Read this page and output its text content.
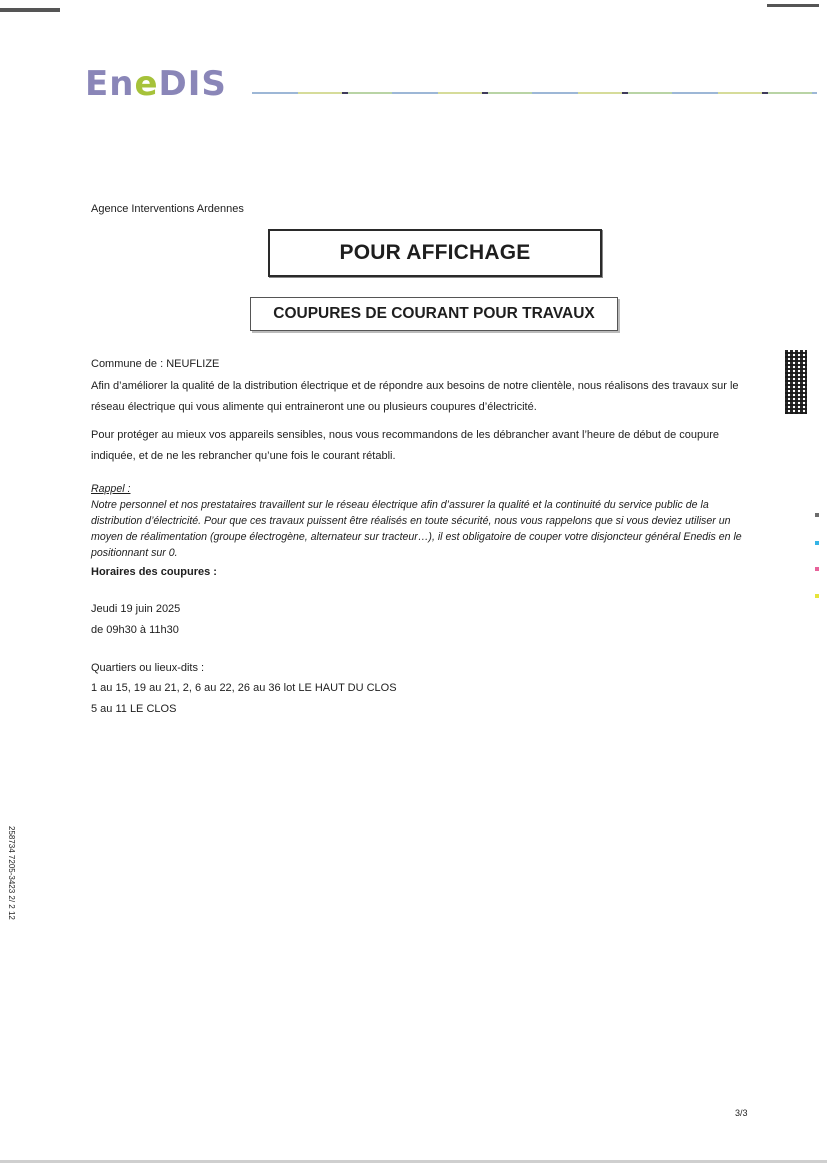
EneDIS
Agence Interventions Ardennes
POUR AFFICHAGE
COUPURES DE COURANT POUR TRAVAUX
Commune de : NEUFLIZE

Afin d’améliorer la qualité de la distribution électrique et de répondre aux besoins de notre clientèle, nous réalisons des travaux sur le réseau électrique qui vous alimente qui entraineront une ou plusieurs coupures d’électricité.

Pour protéger au mieux vos appareils sensibles, nous vous recommandons de les débrancher avant l’heure de début de coupure indiquée, et de ne les rebrancher qu’une fois le courant rétabli.

Rappel :
Notre personnel et nos prestataires travaillent sur le réseau électrique afin d’assurer la qualité et la continuité du service public de la distribution d’électricité. Pour que ces travaux puissent être réalisés en toute sécurité, nous vous rappelons que si vous deviez utiliser un moyen de réalimentation (groupe électrogène, alternateur sur tracteur…), il est obligatoire de couper votre disjoncteur général Enedis en le positionnant sur 0.
Horaires des coupures :
Jeudi 19 juin 2025
de 09h30 à 11h30
Quartiers ou lieux-dits :
1 au 15, 19 au 21, 2, 6 au 22, 26 au 36 lot LE HAUT DU CLOS
5 au 11 LE CLOS
258734 7205-3423 2/ 2 12
3/3
